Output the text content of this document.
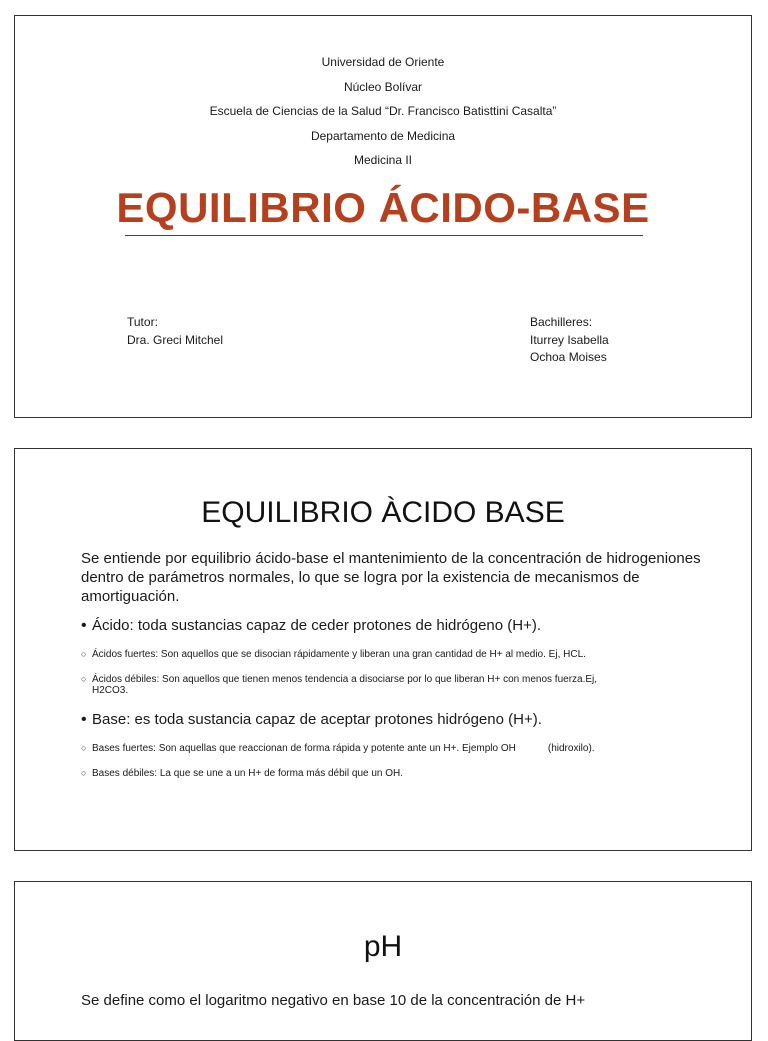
Universidad de Oriente
Núcleo Bolívar
Escuela de Ciencias de la Salud “Dr. Francisco Batisttini Casalta”
Departamento de Medicina
Medicina II
EQUILIBRIO ÁCIDO-BASE
Tutor:
Dra. Greci Mitchel
Bachilleres:
Iturrey Isabella
Ochoa Moises
EQUILIBRIO ÀCIDO BASE
Se entiende por equilibrio ácido-base el mantenimiento de la concentración de hidrogeniones dentro de parámetros normales, lo que se logra por la existencia de mecanismos de amortiguación.
• Ácido: toda sustancias capaz de ceder protones de hidrógeno (H+).
○ Ácidos fuertes: Son aquellos que se disocian rápidamente y liberan una gran cantidad de H+ al medio. Ej, HCL.
○ Ácidos débiles: Son aquellos que tienen menos tendencia a disociarse por lo que liberan H+ con menos fuerza.Ej,
H2CO3.
• Base: es toda sustancia capaz de aceptar protones hidrógeno (H+).
○ Bases fuertes: Son aquellas que reaccionan de forma rápida y potente ante un H+. Ejemplo OH	(hidroxilo).
○ Bases débiles: La que se une a un H+ de forma más débil que un OH.
pH
Se define como el logaritmo negativo en base 10 de la concentración de H+
